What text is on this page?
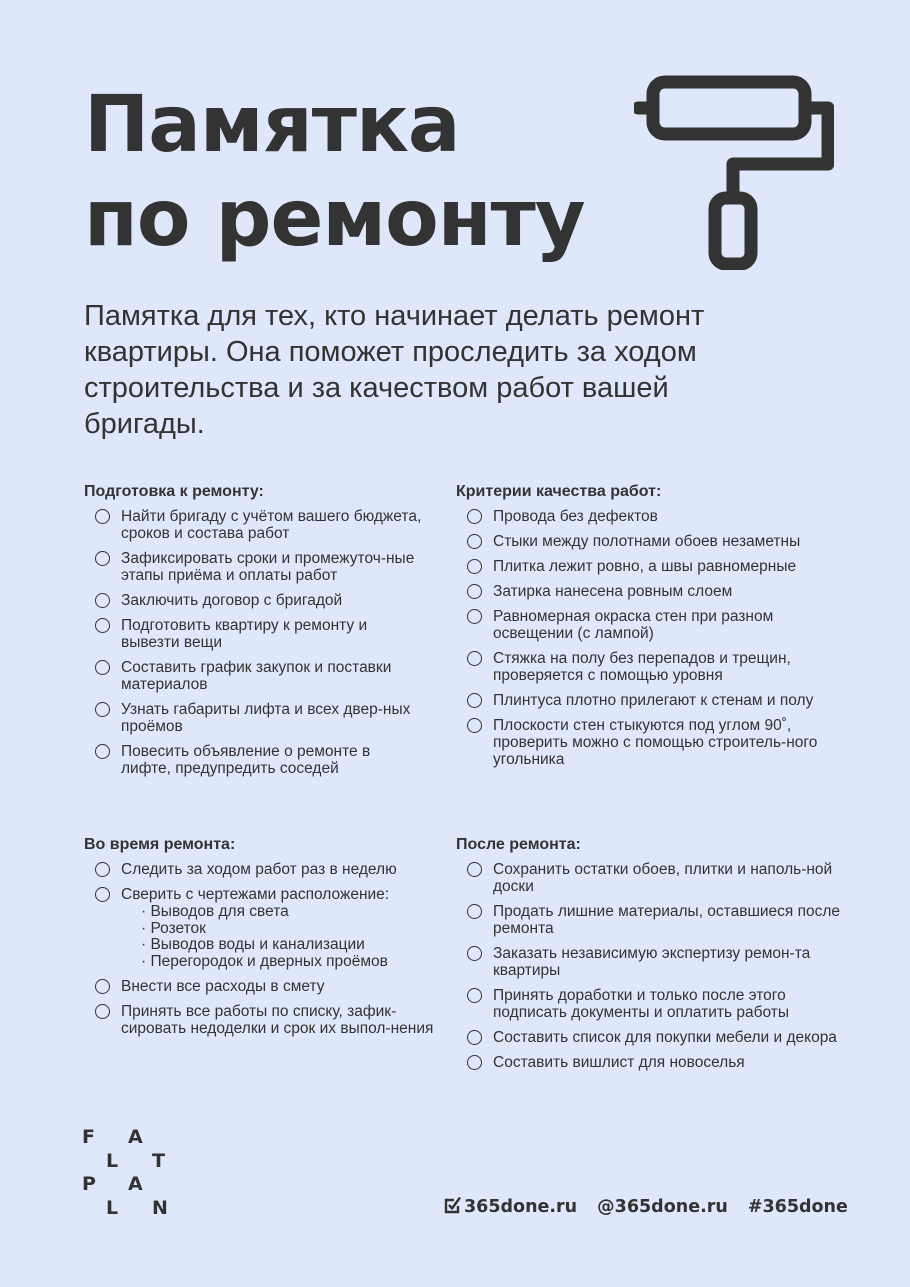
Памятка
по ремонту

Памятка для тех, кто начинает делать ремонт квартиры. Она поможет проследить за ходом строительства и за качеством работ вашей бригады.

Подготовка к ремонту:
Найти бригаду с учётом вашего бюджета, сроков и состава работ
Зафиксировать сроки и промежуточ-ные этапы приёма и оплаты работ
Заключить договор с бригадой
Подготовить квартиру к ремонту и вывезти вещи
Составить график закупок и поставки материалов
Узнать габариты лифта и всех двер-ных проёмов
Повесить объявление о ремонте в лифте, предупредить соседей
Критерии качества работ:
Провода без дефектов
Стыки между полотнами обоев незаметны
Плитка лежит ровно, а швы равномерные
Затирка нанесена ровным слоем
Равномерная окраска стен при разном освещении (с лампой)
Стяжка на полу без перепадов и трещин, проверяется с помощью уровня
Плинтуса плотно прилегают к стенам и полу
Плоскости стен стыкуются под углом 90˚, проверить можно с помощью строитель-ного угольника
Во время ремонта:
Следить за ходом работ раз в неделю
Сверить с чертежами расположение:
· Выводов для света
· Розеток
· Выводов воды и канализации
· Перегородок и дверных проёмов
Внести все расходы в смету
Принять все работы по списку, зафик-сировать недоделки и срок их выпол-нения
После ремонта:
Сохранить остатки обоев, плитки и наполь-ной доски
Продать лишние материалы, оставшиеся после ремонта
Заказать независимую экспертизу ремон-та квартиры
Принять доработки и только после этого подписать документы и оплатить работы
Составить список для покупки мебели и декора
Составить вишлист для новоселья
F A
L T
P A
L N	365done.ru @365done.ru #365done
